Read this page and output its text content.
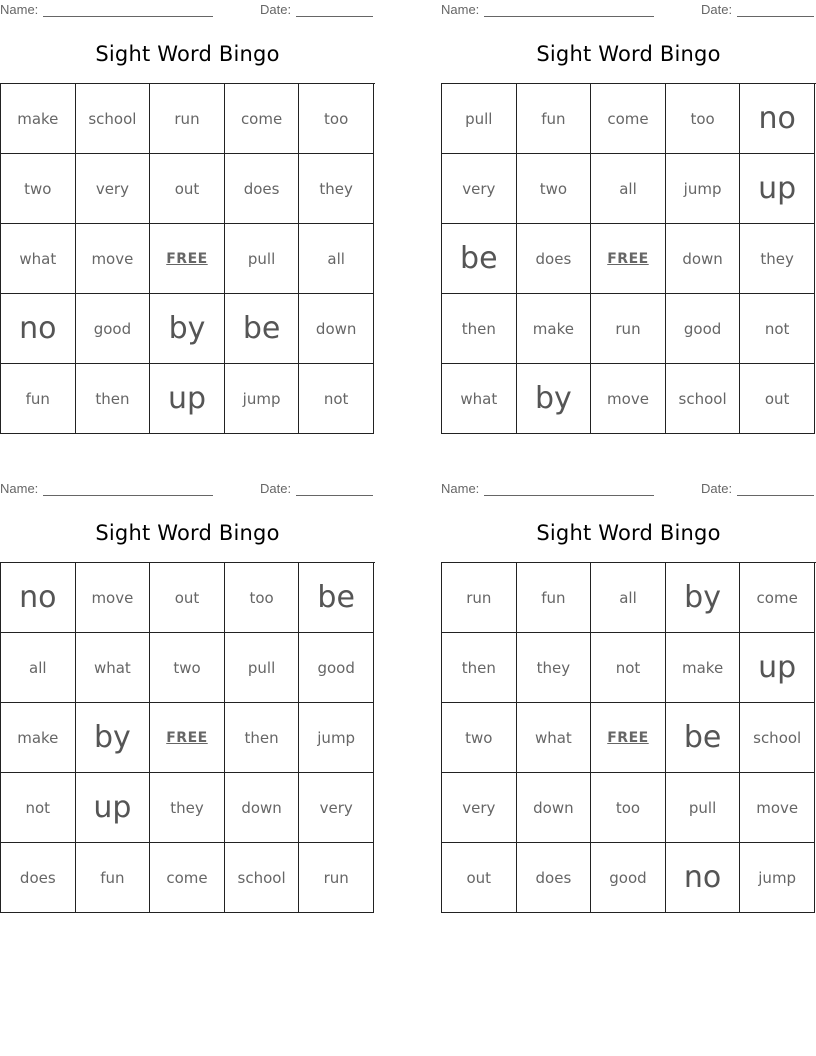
Name:	Date:
Sight Word Bingo
make	school	run	come	too
two	very	out	does	they
what	move	FREE	pull	all
no	good	by	be	down
fun	then	up	jump	not
Name:	Date:
Sight Word Bingo
pull	fun	come	too	no
very	two	all	jump	up
be	does	FREE	down	they
then	make	run	good	not
what	by	move	school	out
Name:	Date:
Sight Word Bingo
no	move	out	too	be
all	what	two	pull	good
make	by	FREE	then	jump
not	up	they	down	very
does	fun	come	school	run
Name:	Date:
Sight Word Bingo
run	fun	all	by	come
then	they	not	make	up
two	what	FREE	be	school
very	down	too	pull	move
out	does	good	no	jump
